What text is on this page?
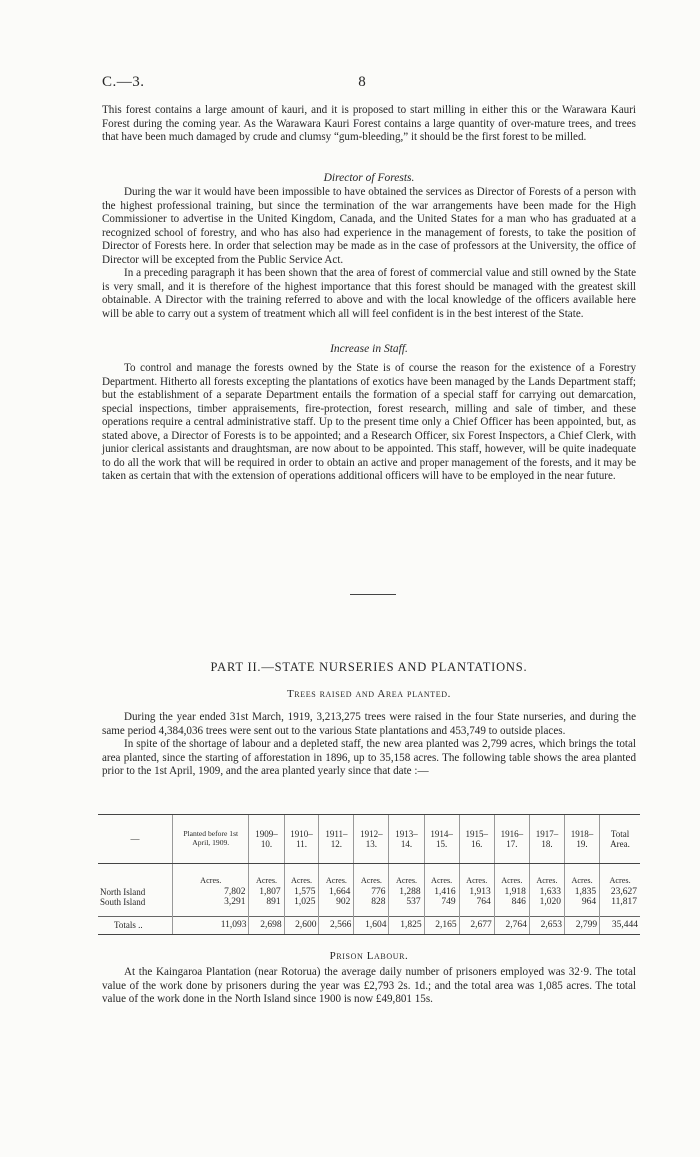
C.—3.	8

This forest contains a large amount of kauri, and it is proposed to start milling in either this or the Warawara Kauri Forest during the coming year. As the Warawara Kauri Forest contains a large quantity of over-mature trees, and trees that have been much damaged by crude and clumsy “gum-bleeding,” it should be the first forest to be milled.

Director of Forests.

During the war it would have been impossible to have obtained the services as Director of Forests of a person with the highest professional training, but since the termination of the war arrangements have been made for the High Commissioner to advertise in the United Kingdom, Canada, and the United States for a man who has graduated at a recognized school of forestry, and who has also had experience in the management of forests, to take the position of Director of Forests here. In order that selection may be made as in the case of professors at the University, the office of Director will be excepted from the Public Service Act.

In a preceding paragraph it has been shown that the area of forest of commercial value and still owned by the State is very small, and it is therefore of the highest importance that this forest should be managed with the greatest skill obtainable. A Director with the training referred to above and with the local knowledge of the officers available here will be able to carry out a system of treatment which all will feel confident is in the best interest of the State.

Increase in Staff.

To control and manage the forests owned by the State is of course the reason for the existence of a Forestry Department. Hitherto all forests excepting the plantations of exotics have been managed by the Lands Department staff; but the establishment of a separate Department entails the formation of a special staff for carrying out demarcation, special inspections, timber appraisements, fire-protection, forest research, milling and sale of timber, and these operations require a central administrative staff. Up to the present time only a Chief Officer has been appointed, but, as stated above, a Director of Forests is to be appointed; and a Research Officer, six Forest Inspectors, a Chief Clerk, with junior clerical assistants and draughtsman, are now about to be appointed. This staff, however, will be quite inadequate to do all the work that will be required in order to obtain an active and proper management of the forests, and it may be taken as certain that with the extension of operations additional officers will have to be employed in the near future.

PART II.—STATE NURSERIES AND PLANTATIONS.
Trees raised and Area planted.

During the year ended 31st March, 1919, 3,213,275 trees were raised in the four State nurseries, and during the same period 4,384,036 trees were sent out to the various State plantations and 453,749 to outside places.

In spite of the shortage of labour and a depleted staff, the new area planted was 2,799 acres, which brings the total area planted, since the starting of afforestation in 1896, up to 35,158 acres. The following table shows the area planted prior to the 1st April, 1909, and the area planted yearly since that date :—

—	Planted before 1st April, 1909.	1909–10.	1910–11.	1911–12.	1912–13.	1913–14.	1914–15.	1915–16.	1916–17.	1917–18.	1918–19.	Total Area.
	Acres.	Acres.	Acres.	Acres.	Acres.	Acres.	Acres.	Acres.	Acres.	Acres.	Acres.	Acres.
North Island	7,802	1,807	1,575	1,664	776	1,288	1,416	1,913	1,918	1,633	1,835	23,627
South Island	3,291	891	1,025	902	828	537	749	764	846	1,020	964	11,817
Totals ..	11,093	2,698	2,600	2,566	1,604	1,825	2,165	2,677	2,764	2,653	2,799	35,444
Prison Labour.

At the Kaingaroa Plantation (near Rotorua) the average daily number of prisoners employed was 32·9. The total value of the work done by prisoners during the year was £2,793 2s. 1d.; and the total area was 1,085 acres. The total value of the work done in the North Island since 1900 is now £49,801 15s.
